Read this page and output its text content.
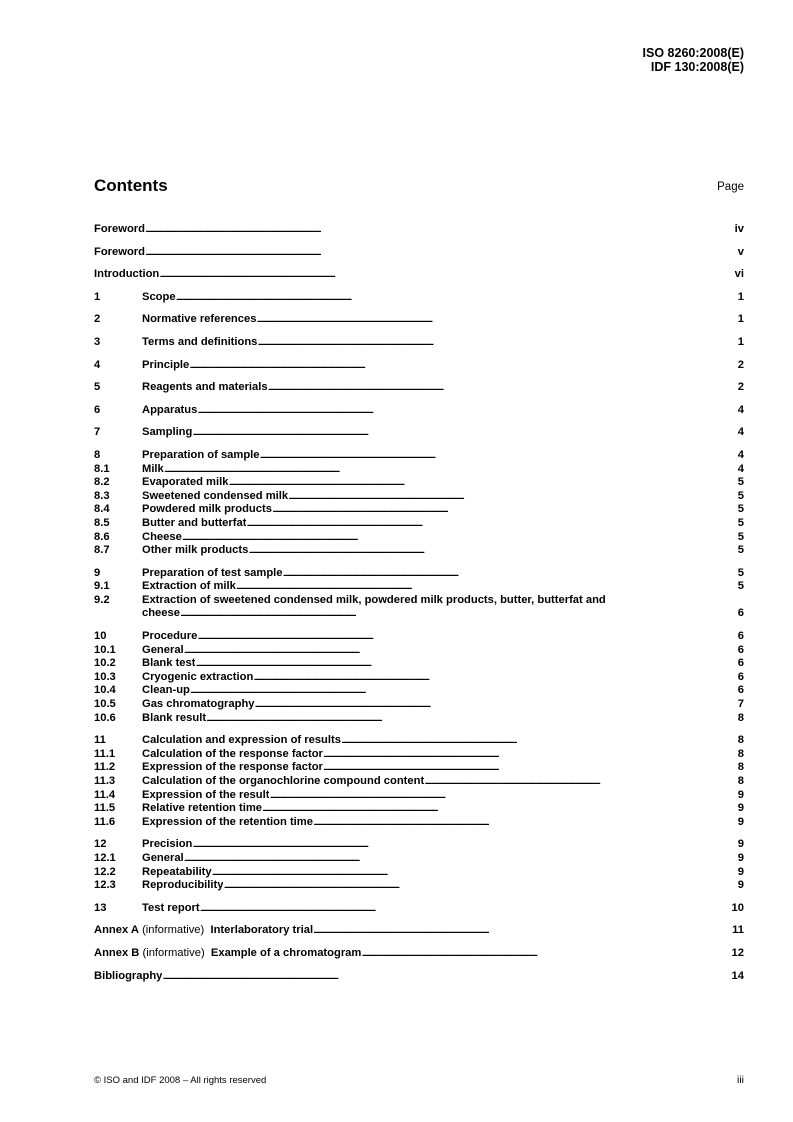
ISO 8260:2008(E)
IDF 130:2008(E)
Contents	Page
Foreword . . .	iv
Foreword . . .	v
Introduction . . .	vi
1	Scope . . .	1
2	Normative references . . .	1
3	Terms and definitions . . .	1
4	Principle . . .	2
5	Reagents and materials . . .	2
6	Apparatus . . .	4
7	Sampling . . .	4
8	Preparation of sample . . .	4
8.1	Milk . . .	4
8.2	Evaporated milk . . .	5
8.3	Sweetened condensed milk . . .	5
8.4	Powdered milk products . . .	5
8.5	Butter and butterfat . . .	5
8.6	Cheese . . .	5
8.7	Other milk products . . .	5
9	Preparation of test sample . . .	5
9.1	Extraction of milk . . .	5
9.2	Extraction of sweetened condensed milk, powdered milk products, butter, butterfat and
cheese . . .	6
10	Procedure . . .	6
10.1	General . . .	6
10.2	Blank test . . .	6
10.3	Cryogenic extraction . . .	6
10.4	Clean-up . . .	6
10.5	Gas chromatography . . .	7
10.6	Blank result . . .	8
11	Calculation and expression of results . . .	8
11.1	Calculation of the response factor . . .	8
11.2	Expression of the response factor . . .	8
11.3	Calculation of the organochlorine compound content . . .	8
11.4	Expression of the result . . .	9
11.5	Relative retention time . . .	9
11.6	Expression of the retention time . . .	9
12	Precision . . .	9
12.1	General . . .	9
12.2	Repeatability . . .	9
12.3	Reproducibility . . .	9
13	Test report . . .	10
Annex A (informative)  Interlaboratory trial . . .	11
Annex B (informative)  Example of a chromatogram . . .	12
Bibliography . . .	14
© ISO and IDF 2008 – All rights reserved	iii
